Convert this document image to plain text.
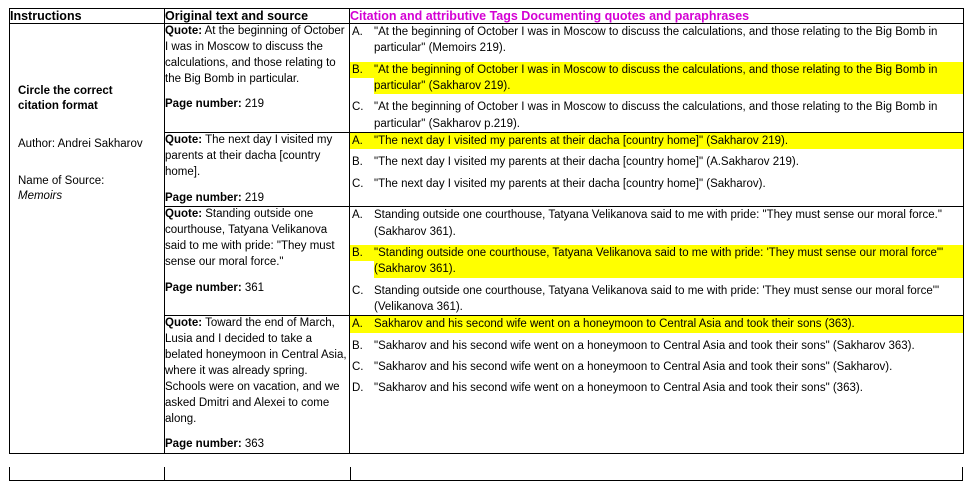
Instructions	Original text and source	Citation and attributive Tags Documenting quotes and paraphrases

Circle the correct citation format
Author: Andrei Sakharov
Name of Source:
Memoirs

Quote: At the beginning of October I was in Moscow to discuss the calculations, and those relating to the Big Bomb in particular.
Page number: 219

A. "At the beginning of October I was in Moscow to discuss the calculations, and those relating to the Big Bomb in particular" (Memoirs 219).
B. "At the beginning of October I was in Moscow to discuss the calculations, and those relating to the Big Bomb in particular" (Sakharov 219).
C. "At the beginning of October I was in Moscow to discuss the calculations, and those relating to the Big Bomb in particular" (Sakharov p.219).

Quote: The next day I visited my parents at their dacha [country home].
Page number: 219

A. "The next day I visited my parents at their dacha [country home]" (Sakharov 219).
B. "The next day I visited my parents at their dacha [country home]" (A.Sakharov 219).
C. "The next day I visited my parents at their dacha [country home]" (Sakharov).

Quote: Standing outside one courthouse, Tatyana Velikanova said to me with pride: "They must sense our moral force."
Page number: 361

A. Standing outside one courthouse, Tatyana Velikanova said to me with pride: "They must sense our moral force." (Sakharov 361).
B. "Standing outside one courthouse, Tatyana Velikanova said to me with pride: 'They must sense our moral force'" (Sakharov 361).
C. Standing outside one courthouse, Tatyana Velikanova said to me with pride: 'They must sense our moral force'" (Velikanova 361).

Quote: Toward the end of March, Lusia and I decided to take a belated honeymoon in Central Asia, where it was already spring. Schools were on vacation, and we asked Dmitri and Alexei to come along.
Page number: 363

A. Sakharov and his second wife went on a honeymoon to Central Asia and took their sons (363).
B. "Sakharov and his second wife went on a honeymoon to Central Asia and took their sons" (Sakharov 363).
C. "Sakharov and his second wife went on a honeymoon to Central Asia and took their sons" (Sakharov).
D. "Sakharov and his second wife went on a honeymoon to Central Asia and took their sons" (363).
